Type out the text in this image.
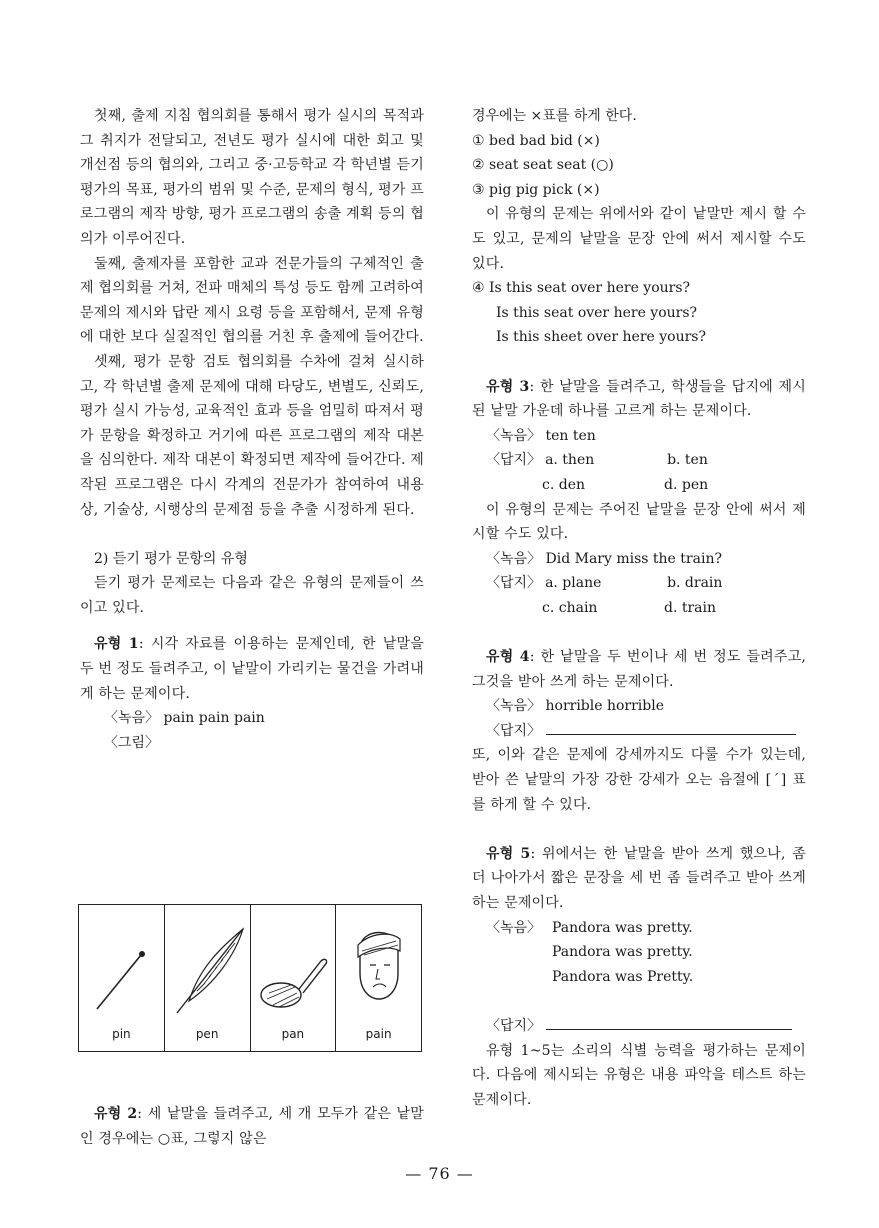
첫째, 출제 지침 협의회를 통해서 평가 실시의 목적과 그 취지가 전달되고, 전년도 평가 실시에 대한 회고 및 개선점 등의 협의와, 그리고 중·고등학교 각 학년별 듣기 평가의 목표, 평가의 범위 및 수준, 문제의 형식, 평가 프로그램의 제작 방향, 평가 프로그램의 송출 계획 등의 협의가 이루어진다.

둘째, 출제자를 포함한 교과 전문가들의 구체적인 출제 협의회를 거쳐, 전파 매체의 특성 등도 함께 고려하여 문제의 제시와 답란 제시 요령 등을 포함해서, 문제 유형에 대한 보다 실질적인 협의를 거친 후 출제에 들어간다.

셋째, 평가 문항 검토 협의회를 수차에 걸쳐 실시하고, 각 학년별 출제 문제에 대해 타당도, 변별도, 신뢰도, 평가 실시 가능성, 교육적인 효과 등을 엄밀히 따져서 평가 문항을 확정하고 거기에 따른 프로그램의 제작 대본을 심의한다. 제작 대본이 확정되면 제작에 들어간다. 제작된 프로그램은 다시 각계의 전문가가 참여하여 내용상, 기술상, 시행상의 문제점 등을 추출 시정하게 된다.

2) 듣기 평가 문항의 유형

듣기 평가 문제로는 다음과 같은 유형의 문제들이 쓰이고 있다.

유형 1: 시각 자료를 이용하는 문제인데, 한 낱말을 두 번 정도 들려주고, 이 낱말이 가리키는 물건을 가려내게 하는 문제이다.

〈녹음〉 pain pain pain

〈그림〉

pin	pen	pan	pain

유형 2: 세 낱말을 들려주고, 세 개 모두가 같은 낱말인 경우에는 ○표, 그렇지 않은

경우에는 ×표를 하게 한다.

① bed bad bid (×)

② seat seat seat (○)

③ pig pig pick (×)

이 유형의 문제는 위에서와 같이 낱말만 제시 할 수도 있고, 문제의 낱말을 문장 안에 써서 제시할 수도 있다.

④ Is this seat over here yours?

Is this seat over here yours?

Is this sheet over here yours?

유형 3: 한 낱말을 들려주고, 학생들을 답지에 제시된 낱말 가운데 하나를 고르게 하는 문제이다.

〈녹음〉 ten ten

〈답지〉 a. then	b. ten
c. den	d. pen

이 유형의 문제는 주어진 낱말을 문장 안에 써서 제시할 수도 있다.

〈녹음〉 Did Mary miss the train?

〈답지〉 a. plane	b. drain
c. chain	d. train

유형 4: 한 낱말을 두 번이나 세 번 정도 들려주고, 그것을 받아 쓰게 하는 문제이다.

〈녹음〉 horrible horrible

〈답지〉

또, 이와 같은 문제에 강세까지도 다룰 수가 있는데, 받아 쓴 낱말의 가장 강한 강세가 오는 음절에 [ˊ] 표를 하게 할 수 있다.

유형 5: 위에서는 한 낱말을 받아 쓰게 했으나, 좀 더 나아가서 짧은 문장을 세 번 좀 들려주고 받아 쓰게 하는 문제이다.

〈녹음〉 Pandora was pretty.

Pandora was pretty.

Pandora was Pretty.

〈답지〉

유형 1~5는 소리의 식별 능력을 평가하는 문제이다. 다음에 제시되는 유형은 내용 파악을 테스트 하는 문제이다.

— 76 —
